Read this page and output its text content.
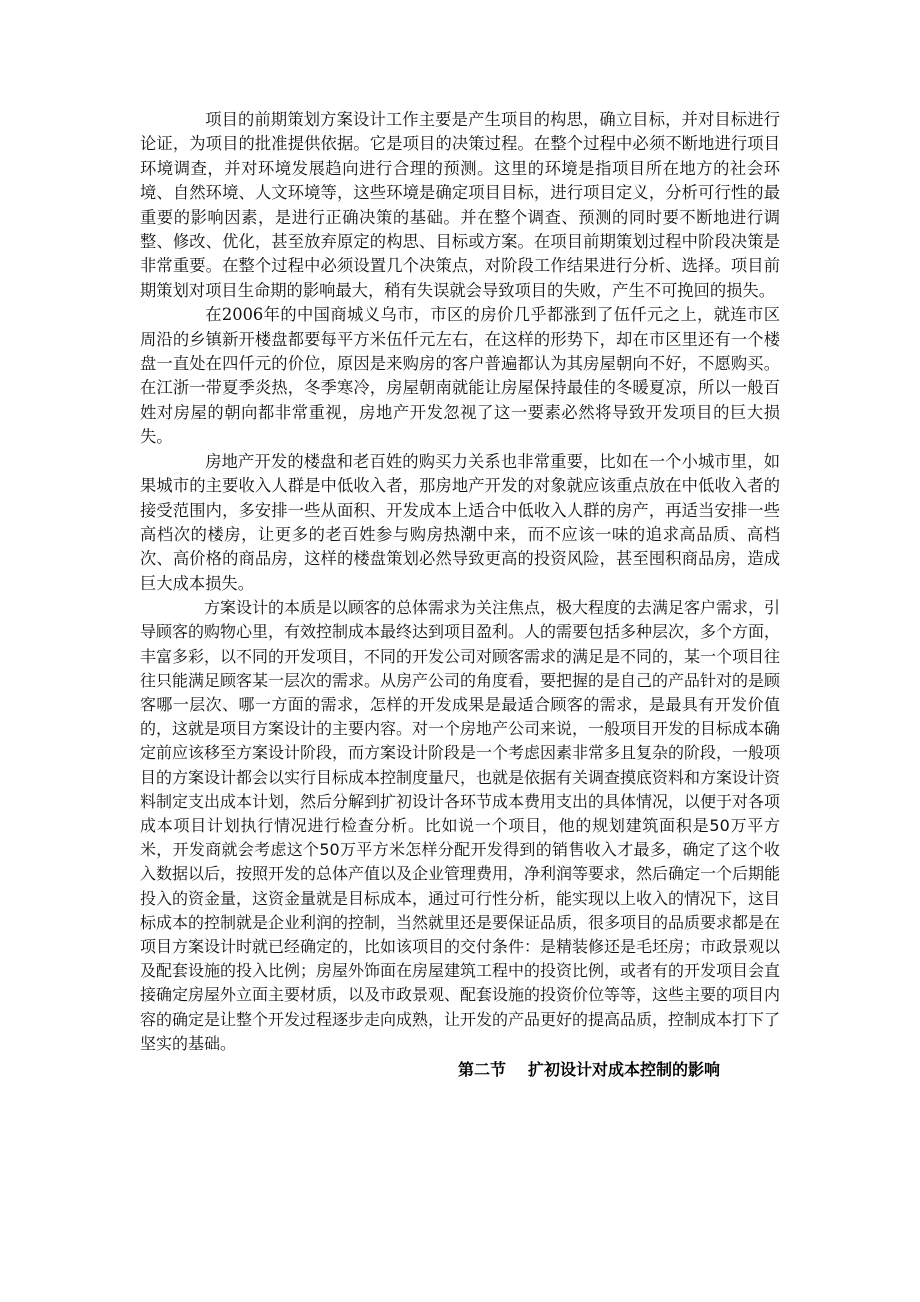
项目的前期策划方案设计工作主要是产生项目的构思，确立目标，并对目标进行论证，为项目的批准提供依据。它是项目的决策过程。在整个过程中必须不断地进行项目环境调查，并对环境发展趋向进行合理的预测。这里的环境是指项目所在地方的社会环境、自然环境、人文环境等，这些环境是确定项目目标，进行项目定义，分析可行性的最重要的影响因素，是进行正确决策的基础。并在整个调查、预测的同时要不断地进行调整、修改、优化，甚至放弃原定的构思、目标或方案。在项目前期策划过程中阶段决策是非常重要。在整个过程中必须设置几个决策点，对阶段工作结果进行分析、选择。项目前期策划对项目生命期的影响最大，稍有失误就会导致项目的失败，产生不可挽回的损失。

在2006年的中国商城义乌市，市区的房价几乎都涨到了伍仟元之上，就连市区周沿的乡镇新开楼盘都要每平方米伍仟元左右，在这样的形势下，却在市区里还有一个楼盘一直处在四仟元的价位，原因是来购房的客户普遍都认为其房屋朝向不好，不愿购买。在江浙一带夏季炎热，冬季寒冷，房屋朝南就能让房屋保持最佳的冬暖夏凉，所以一般百姓对房屋的朝向都非常重视，房地产开发忽视了这一要素必然将导致开发项目的巨大损失。

房地产开发的楼盘和老百姓的购买力关系也非常重要，比如在一个小城市里，如果城市的主要收入人群是中低收入者，那房地产开发的对象就应该重点放在中低收入者的接受范围内，多安排一些从面积、开发成本上适合中低收入人群的房产，再适当安排一些高档次的楼房，让更多的老百姓参与购房热潮中来，而不应该一味的追求高品质、高档次、高价格的商品房，这样的楼盘策划必然导致更高的投资风险，甚至囤积商品房，造成巨大成本损失。

方案设计的本质是以顾客的总体需求为关注焦点，极大程度的去满足客户需求，引导顾客的购物心里，有效控制成本最终达到项目盈利。人的需要包括多种层次，多个方面，丰富多彩，以不同的开发项目，不同的开发公司对顾客需求的满足是不同的，某一个项目往往只能满足顾客某一层次的需求。从房产公司的角度看，要把握的是自己的产品针对的是顾客哪一层次、哪一方面的需求，怎样的开发成果是最适合顾客的需求，是最具有开发价值的，这就是项目方案设计的主要内容。对一个房地产公司来说，一般项目开发的目标成本确定前应该移至方案设计阶段，而方案设计阶段是一个考虑因素非常多且复杂的阶段，一般项目的方案设计都会以实行目标成本控制度量尺，也就是依据有关调查摸底资料和方案设计资料制定支出成本计划，然后分解到扩初设计各环节成本费用支出的具体情况，以便于对各项成本项目计划执行情况进行检查分析。比如说一个项目，他的规划建筑面积是50万平方米，开发商就会考虑这个50万平方米怎样分配开发得到的销售收入才最多，确定了这个收入数据以后，按照开发的总体产值以及企业管理费用，净利润等要求，然后确定一个后期能投入的资金量，这资金量就是目标成本，通过可行性分析，能实现以上收入的情况下，这目标成本的控制就是企业利润的控制，当然就里还是要保证品质，很多项目的品质要求都是在项目方案设计时就已经确定的，比如该项目的交付条件：是精装修还是毛坯房；市政景观以及配套设施的投入比例；房屋外饰面在房屋建筑工程中的投资比例，或者有的开发项目会直接确定房屋外立面主要材质，以及市政景观、配套设施的投资价位等等，这些主要的项目内容的确定是让整个开发过程逐步走向成熟，让开发的产品更好的提高品质，控制成本打下了坚实的基础。

第二节 扩初设计对成本控制的影响
